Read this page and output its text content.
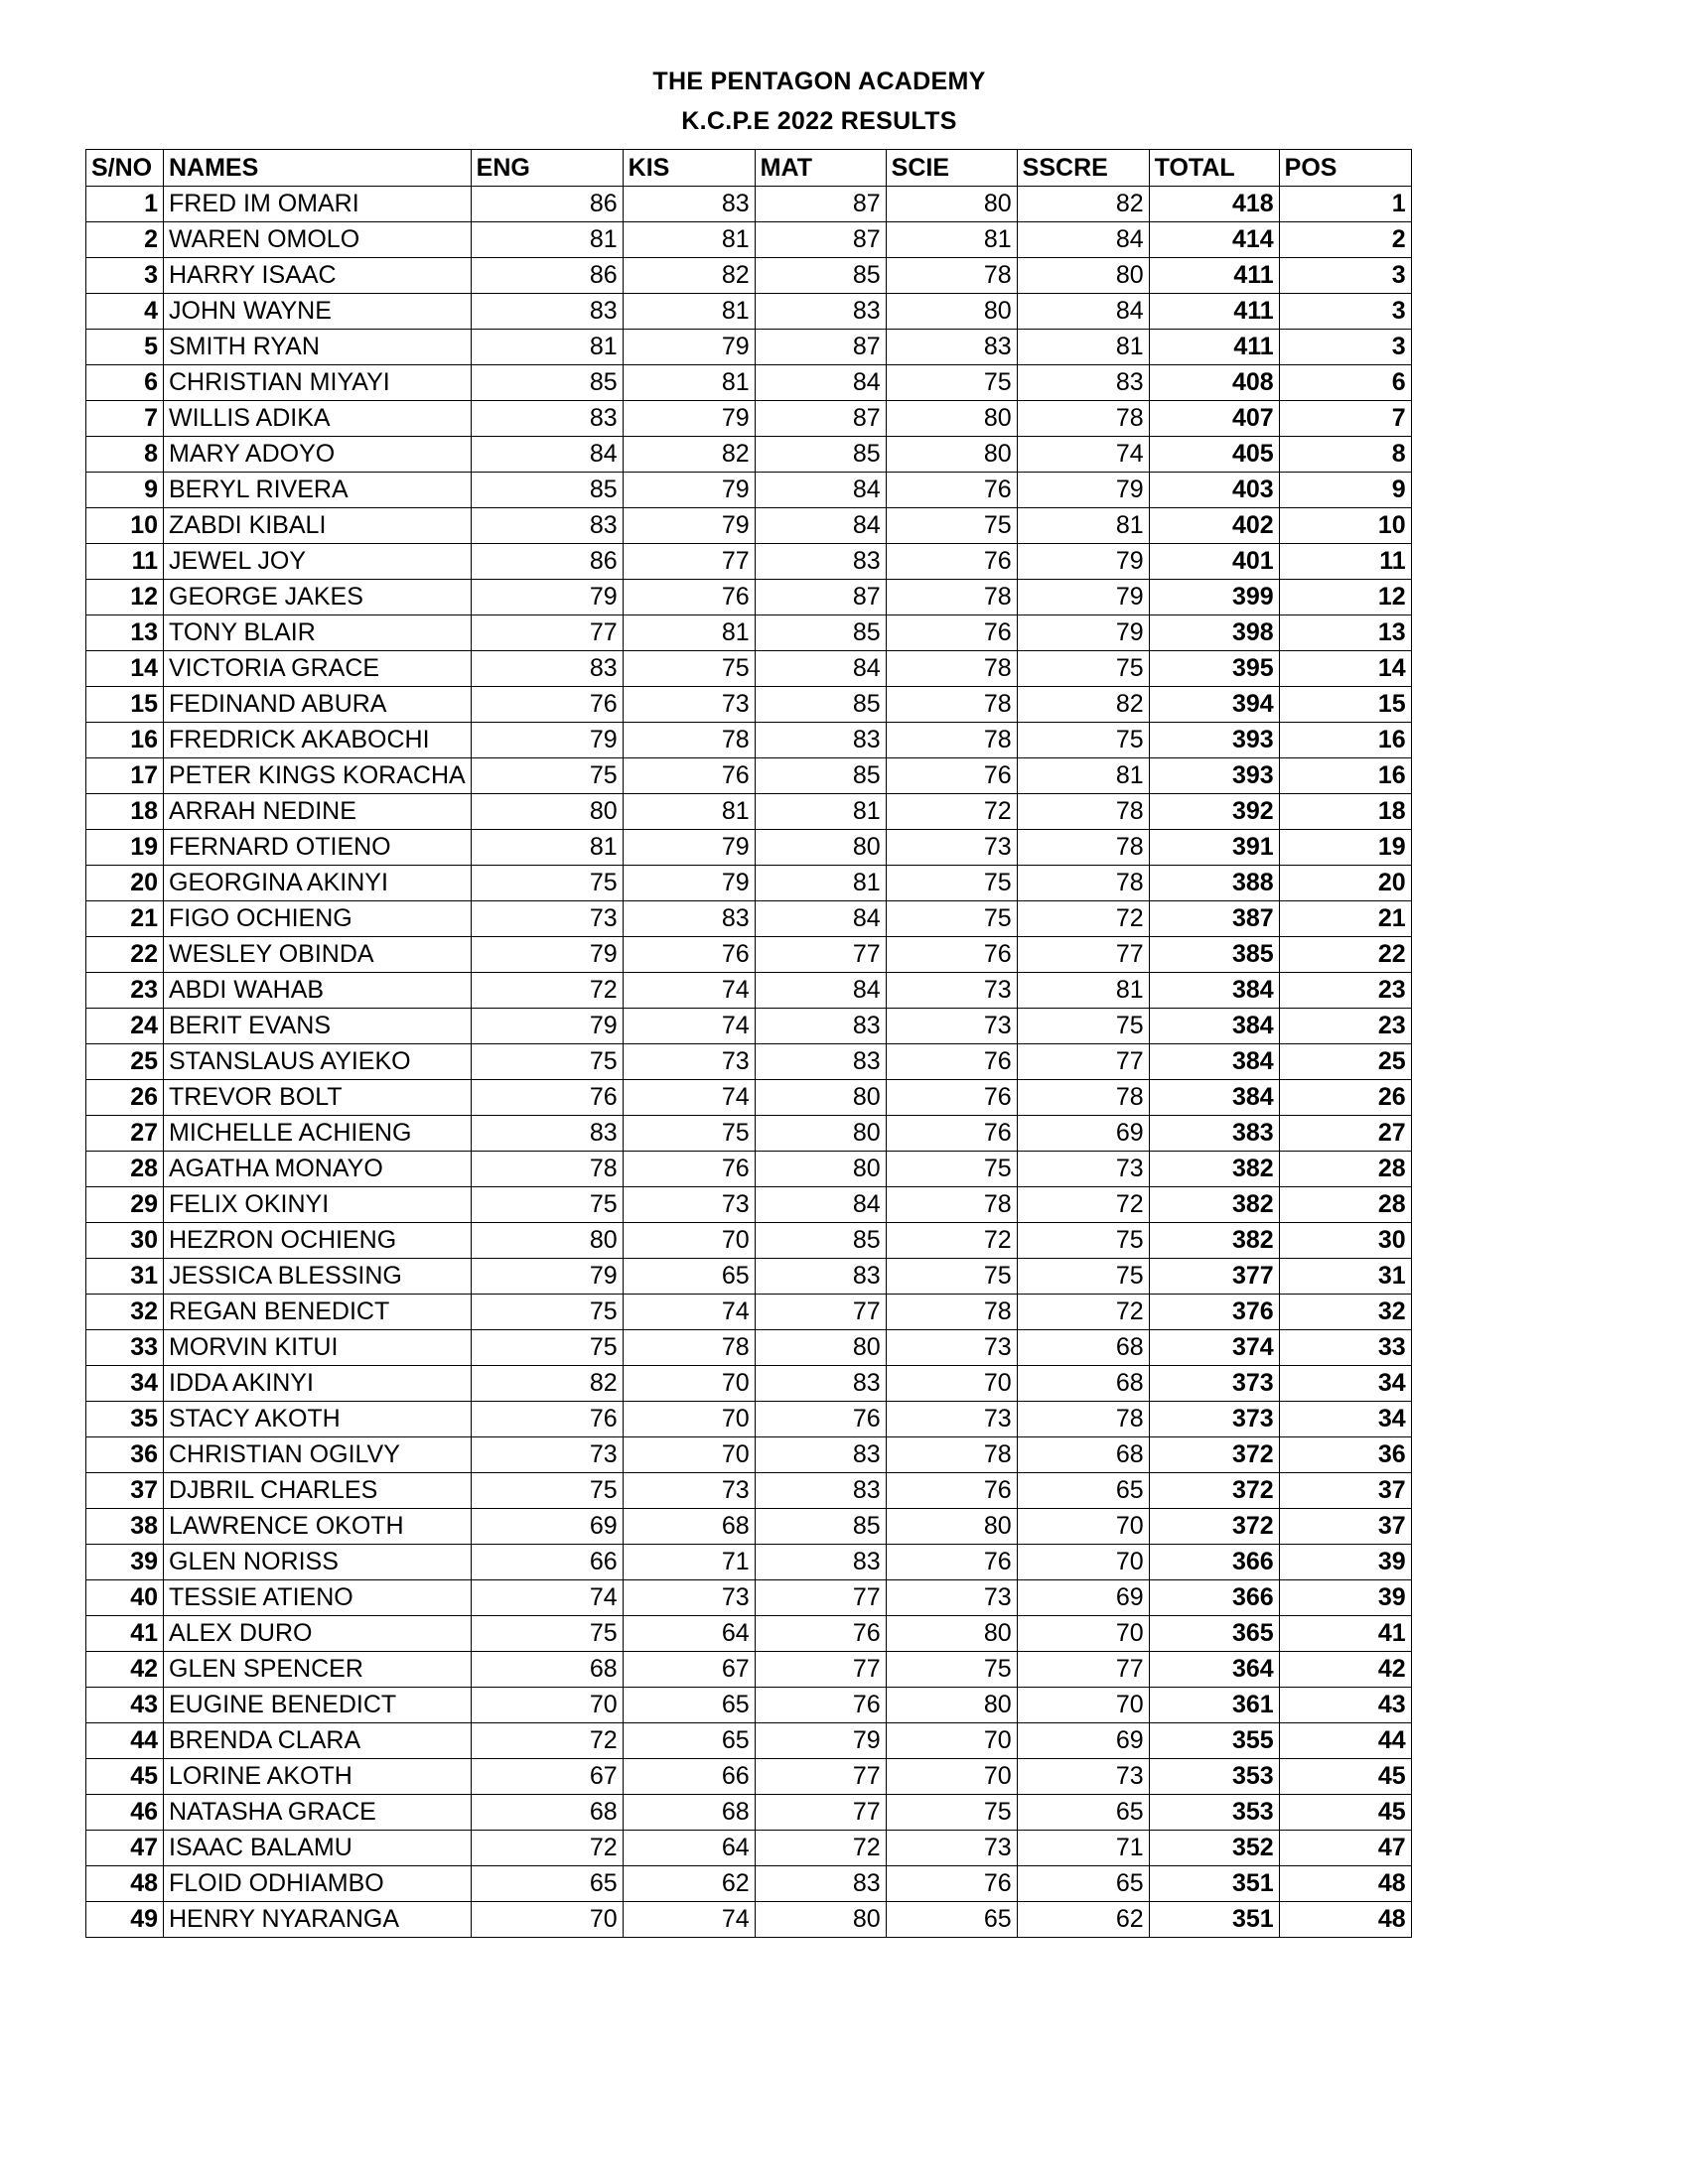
THE PENTAGON ACADEMY
K.C.P.E 2022 RESULTS
S/NO	NAMES	ENG	KIS	MAT	SCIE	SSCRE	TOTAL	POS
1	FRED IM OMARI	86	83	87	80	82	418	1
2	WAREN OMOLO	81	81	87	81	84	414	2
3	HARRY ISAAC	86	82	85	78	80	411	3
4	JOHN WAYNE	83	81	83	80	84	411	3
5	SMITH RYAN	81	79	87	83	81	411	3
6	CHRISTIAN MIYAYI	85	81	84	75	83	408	6
7	WILLIS ADIKA	83	79	87	80	78	407	7
8	MARY ADOYO	84	82	85	80	74	405	8
9	BERYL RIVERA	85	79	84	76	79	403	9
10	ZABDI KIBALI	83	79	84	75	81	402	10
11	JEWEL JOY	86	77	83	76	79	401	11
12	GEORGE JAKES	79	76	87	78	79	399	12
13	TONY BLAIR	77	81	85	76	79	398	13
14	VICTORIA GRACE	83	75	84	78	75	395	14
15	FEDINAND ABURA	76	73	85	78	82	394	15
16	FREDRICK AKABOCHI	79	78	83	78	75	393	16
17	PETER KINGS KORACHA	75	76	85	76	81	393	16
18	ARRAH NEDINE	80	81	81	72	78	392	18
19	FERNARD OTIENO	81	79	80	73	78	391	19
20	GEORGINA AKINYI	75	79	81	75	78	388	20
21	FIGO OCHIENG	73	83	84	75	72	387	21
22	WESLEY OBINDA	79	76	77	76	77	385	22
23	ABDI WAHAB	72	74	84	73	81	384	23
24	BERIT EVANS	79	74	83	73	75	384	23
25	STANSLAUS AYIEKO	75	73	83	76	77	384	25
26	TREVOR BOLT	76	74	80	76	78	384	26
27	MICHELLE ACHIENG	83	75	80	76	69	383	27
28	AGATHA MONAYO	78	76	80	75	73	382	28
29	FELIX OKINYI	75	73	84	78	72	382	28
30	HEZRON OCHIENG	80	70	85	72	75	382	30
31	JESSICA BLESSING	79	65	83	75	75	377	31
32	REGAN BENEDICT	75	74	77	78	72	376	32
33	MORVIN KITUI	75	78	80	73	68	374	33
34	IDDA AKINYI	82	70	83	70	68	373	34
35	STACY AKOTH	76	70	76	73	78	373	34
36	CHRISTIAN OGILVY	73	70	83	78	68	372	36
37	DJBRIL CHARLES	75	73	83	76	65	372	37
38	LAWRENCE OKOTH	69	68	85	80	70	372	37
39	GLEN NORISS	66	71	83	76	70	366	39
40	TESSIE ATIENO	74	73	77	73	69	366	39
41	ALEX DURO	75	64	76	80	70	365	41
42	GLEN SPENCER	68	67	77	75	77	364	42
43	EUGINE BENEDICT	70	65	76	80	70	361	43
44	BRENDA CLARA	72	65	79	70	69	355	44
45	LORINE AKOTH	67	66	77	70	73	353	45
46	NATASHA GRACE	68	68	77	75	65	353	45
47	ISAAC BALAMU	72	64	72	73	71	352	47
48	FLOID ODHIAMBO	65	62	83	76	65	351	48
49	HENRY NYARANGA	70	74	80	65	62	351	48
